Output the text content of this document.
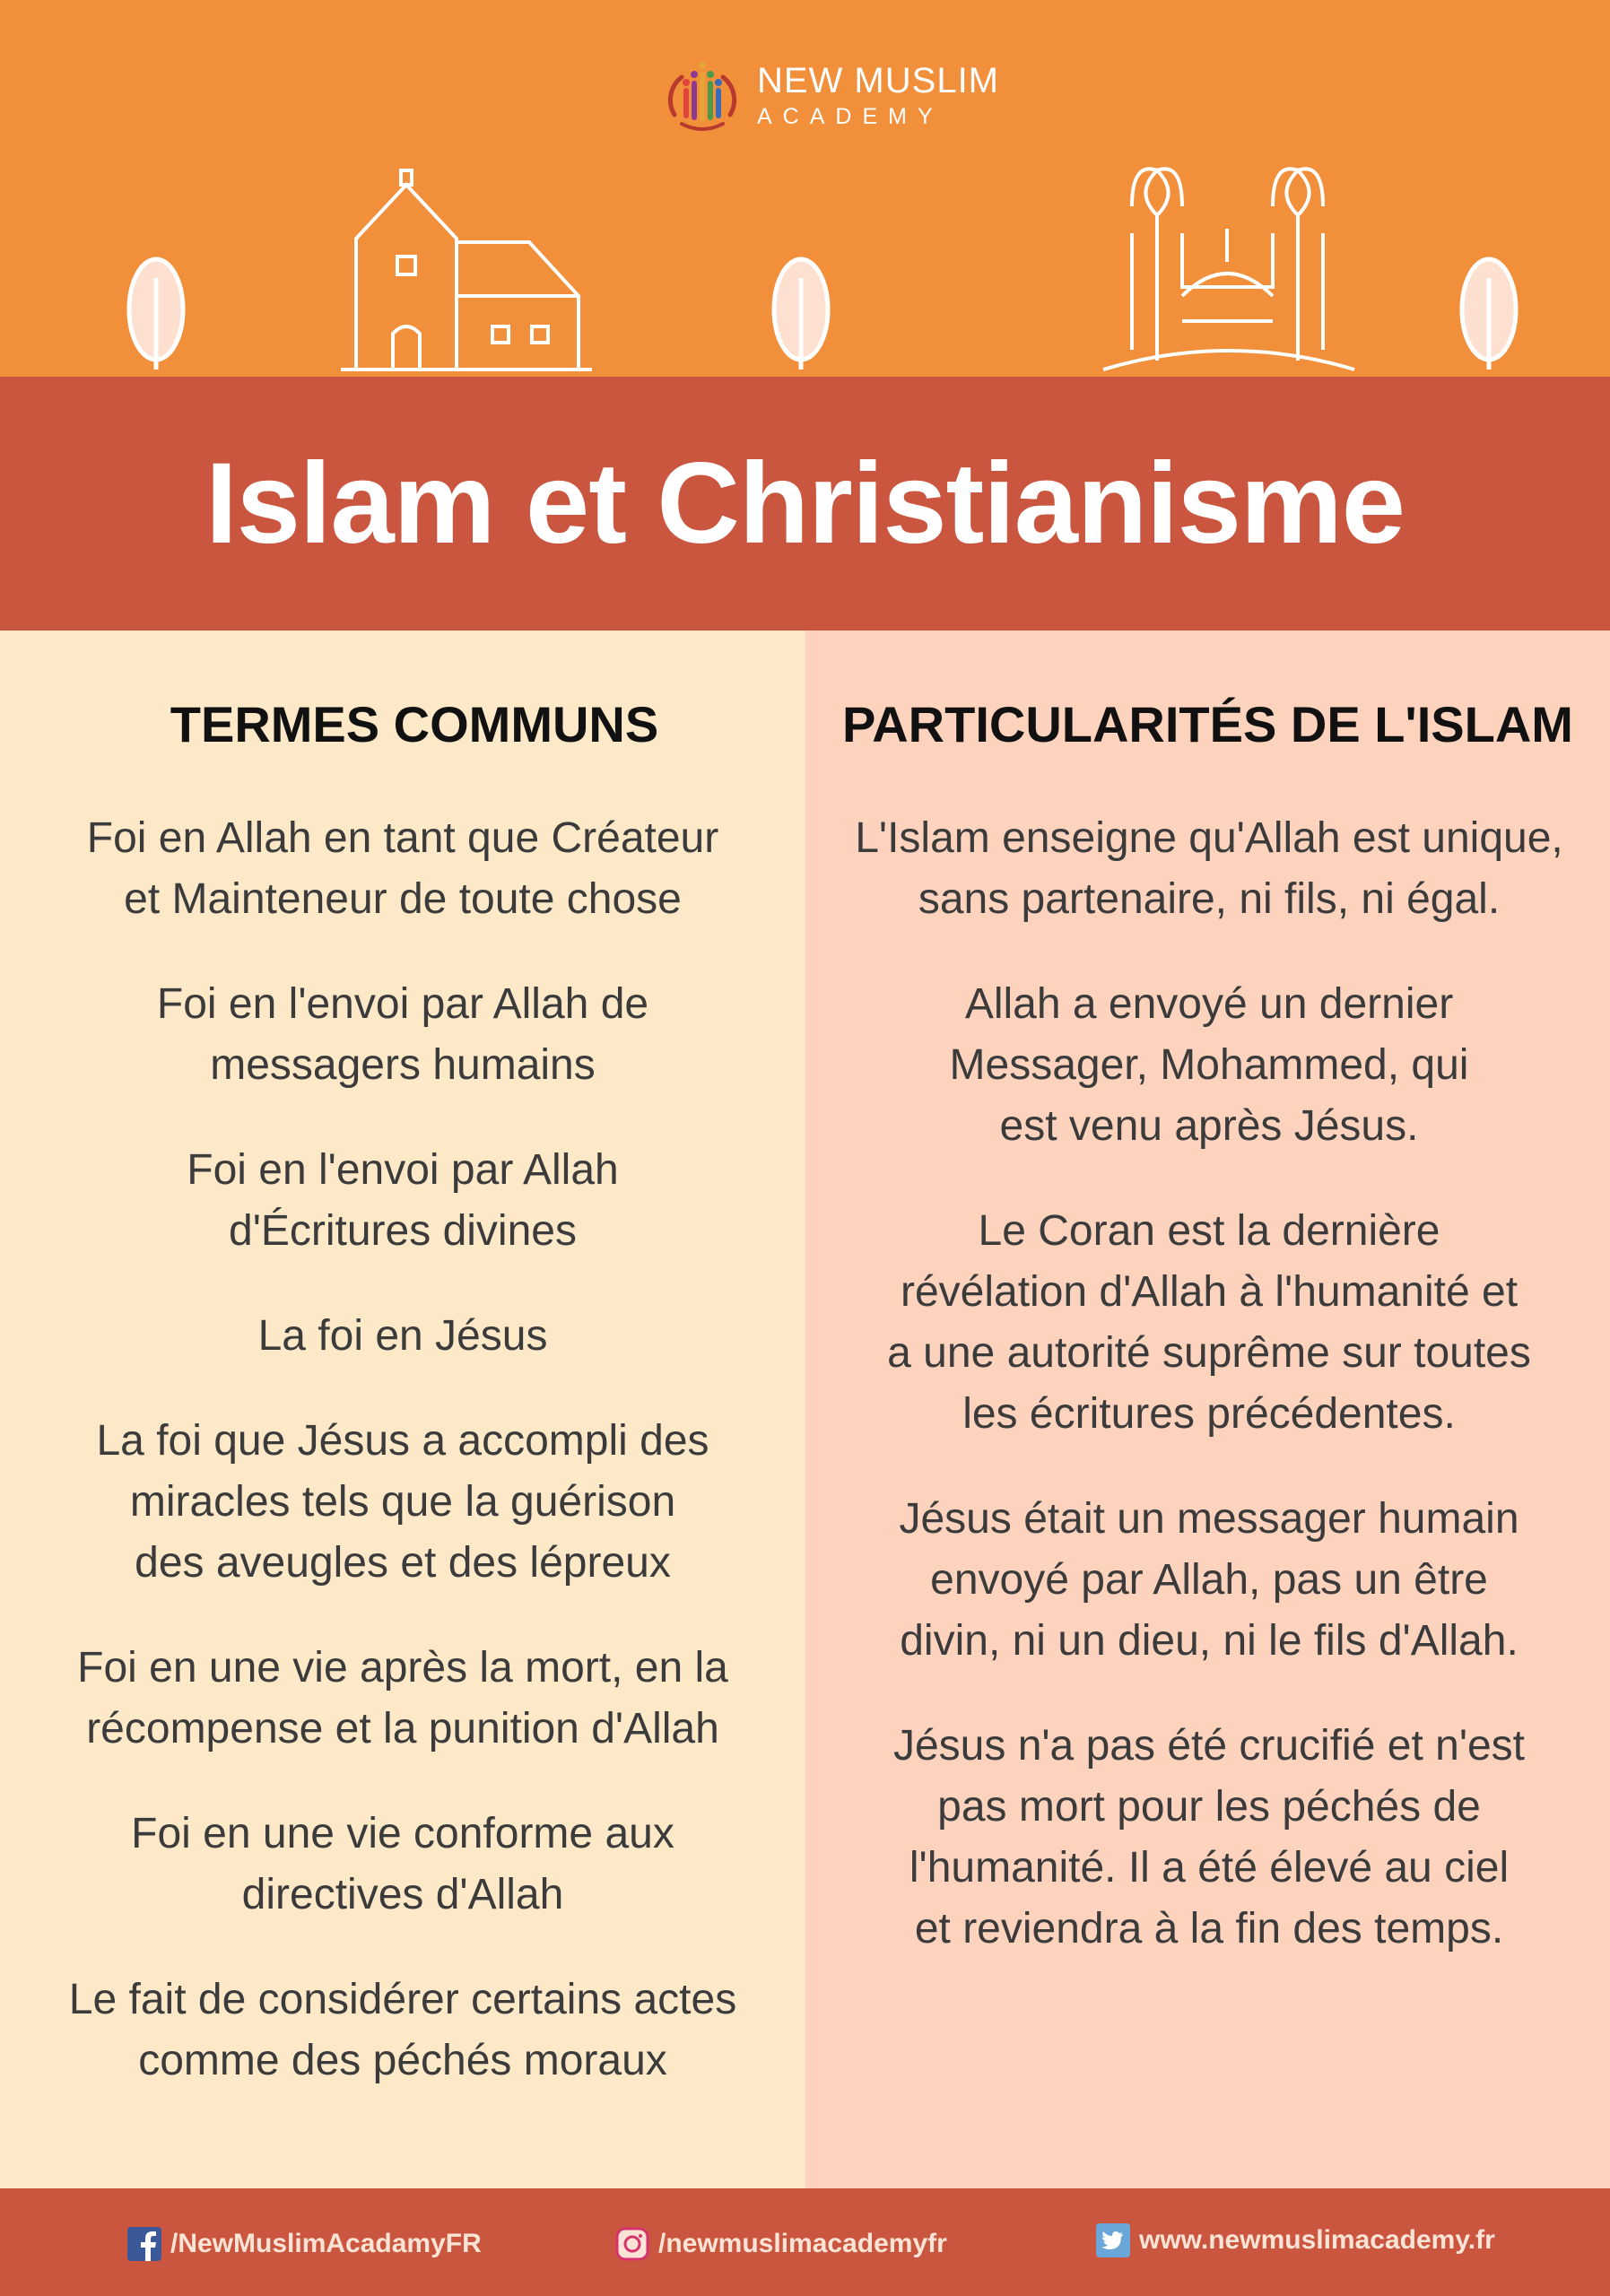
NEW MUSLIM
ACADEMY
Islam et Christianisme
TERMES COMMUNS
Foi en Allah en tant que Créateur
et Mainteneur de toute chose
Foi en l'envoi par Allah de
messagers humains
Foi en l'envoi par Allah
d'Écritures divines
La foi en Jésus
La foi que Jésus a accompli des
miracles tels que la guérison
des aveugles et des lépreux
Foi en une vie après la mort, en la
récompense et la punition d'Allah
Foi en une vie conforme aux
directives d'Allah
Le fait de considérer certains actes
comme des péchés moraux
PARTICULARITÉS DE L'ISLAM
L'Islam enseigne qu'Allah est unique,
sans partenaire, ni fils, ni égal.
Allah a envoyé un dernier
Messager, Mohammed, qui
est venu après Jésus.
Le Coran est la dernière
révélation d'Allah à l'humanité et
a une autorité suprême sur toutes
les écritures précédentes.
Jésus était un messager humain
envoyé par Allah, pas un être
divin, ni un dieu, ni le fils d'Allah.
Jésus n'a pas été crucifié et n'est
pas mort pour les péchés de
l'humanité. Il a été élevé au ciel
et reviendra à la fin des temps.
/NewMuslimAcadamyFR	/newmuslimacademyfr	www.newmuslimacademy.fr
